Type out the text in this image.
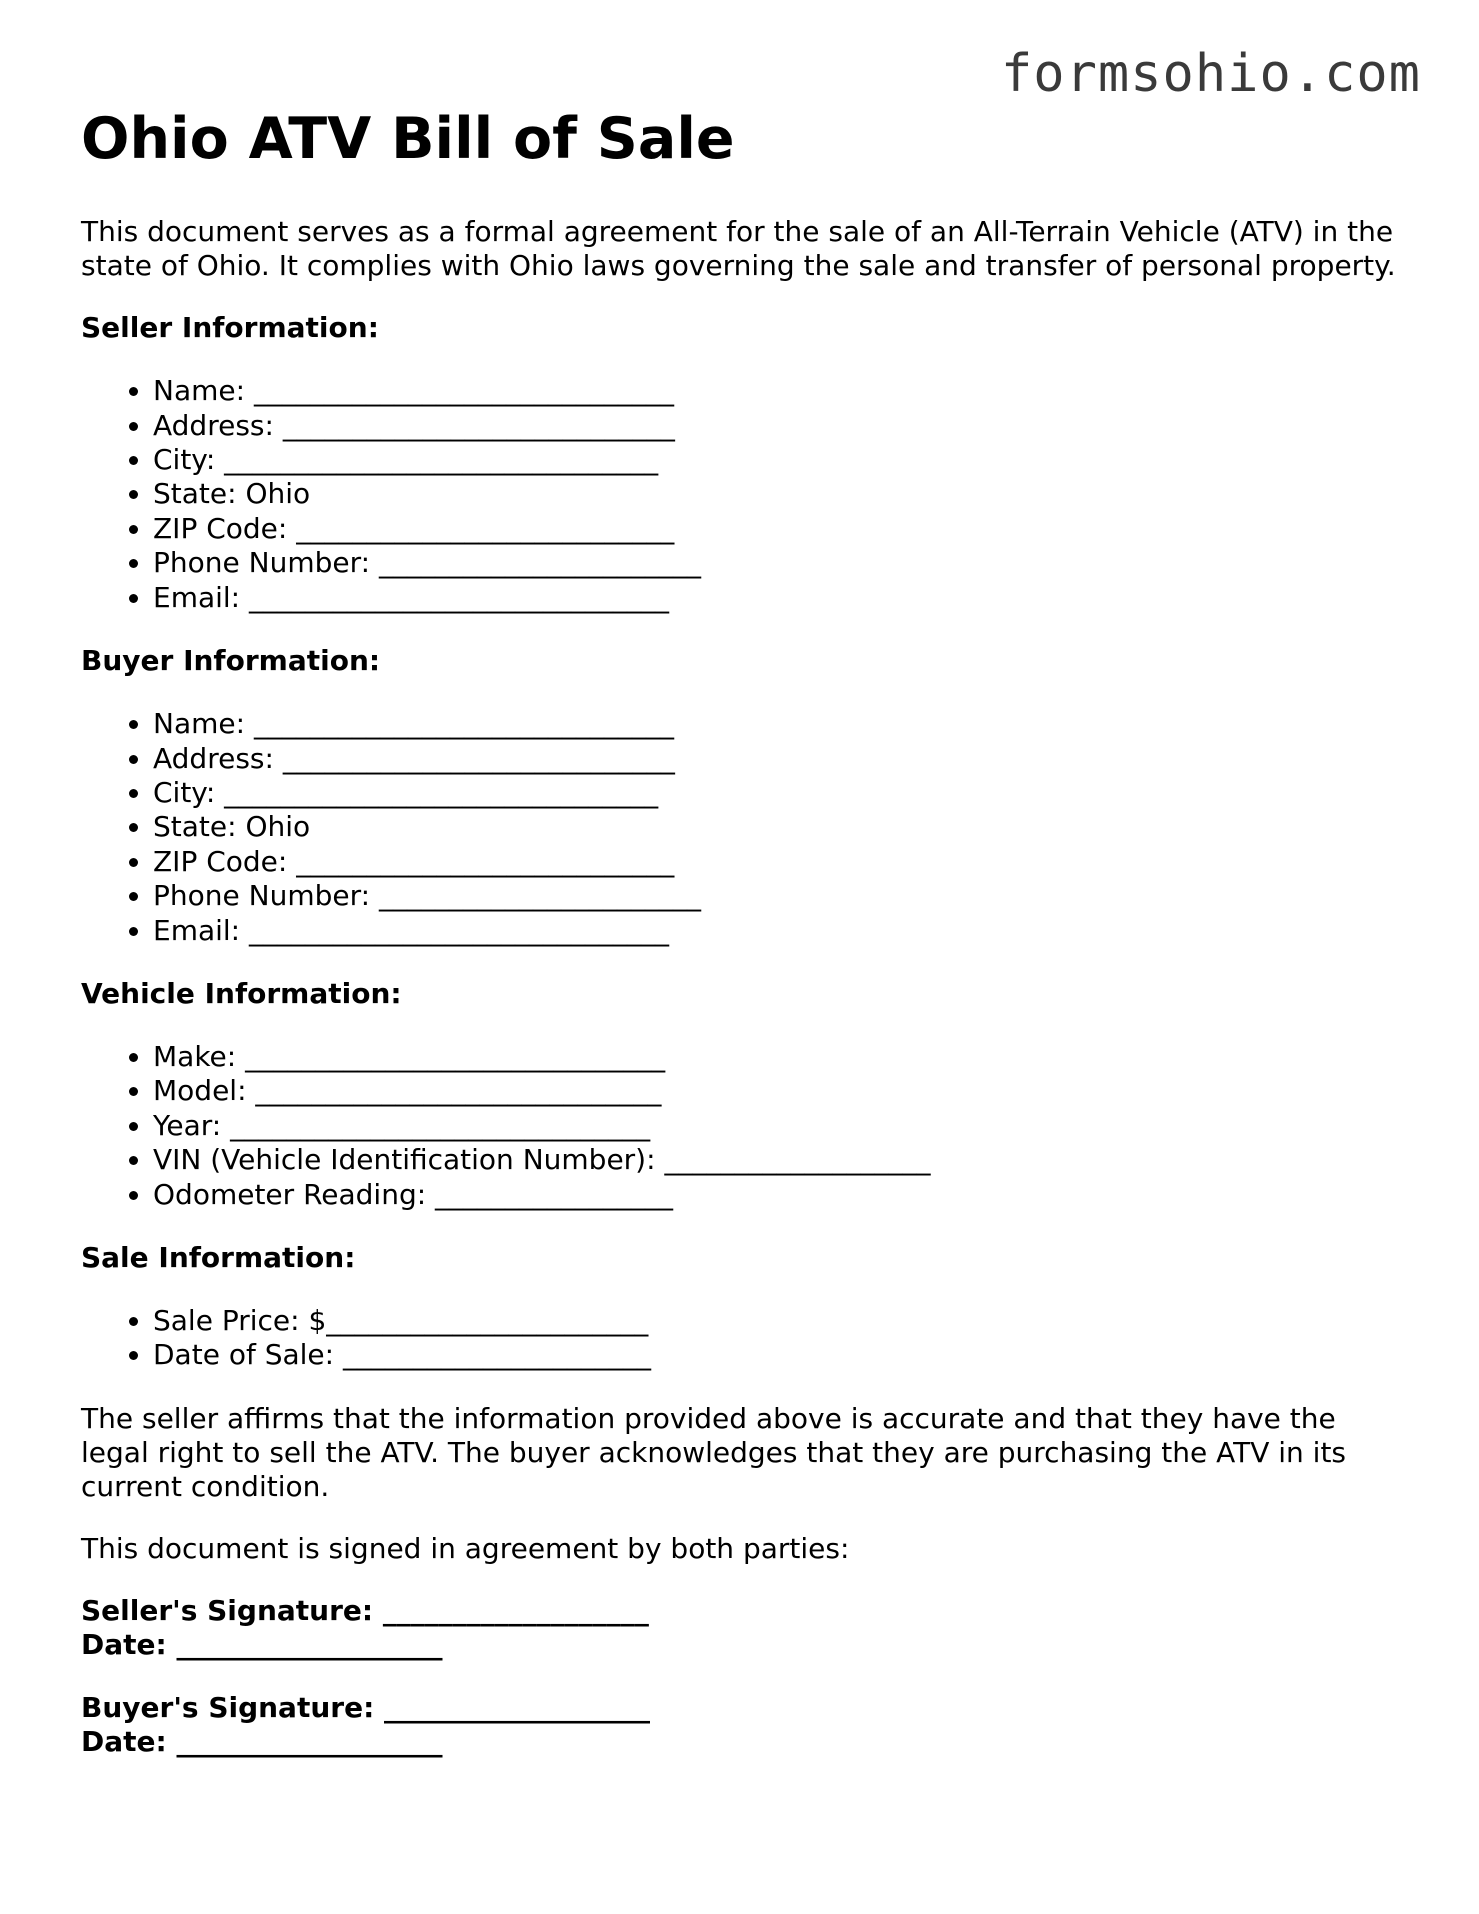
formsohio.com
Ohio ATV Bill of Sale

This document serves as a formal agreement for the sale of an All-Terrain Vehicle (ATV) in the state of Ohio. It complies with Ohio laws governing the sale and transfer of personal property.

Seller Information:
• Name: ______________________________
• Address: ____________________________
• City: _______________________________
• State: Ohio
• ZIP Code: ___________________________
• Phone Number: _______________________
• Email: ______________________________
Buyer Information:
• Name: ______________________________
• Address: ____________________________
• City: _______________________________
• State: Ohio
• ZIP Code: ___________________________
• Phone Number: _______________________
• Email: ______________________________
Vehicle Information:
• Make: ______________________________
• Model: _____________________________
• Year: ______________________________
• VIN (Vehicle Identification Number): ___________________
• Odometer Reading: _________________
Sale Information:
• Sale Price: $_______________________
• Date of Sale: ______________________

The seller affirms that the information provided above is accurate and that they have the legal right to sell the ATV. The buyer acknowledges that they are purchasing the ATV in its current condition.

This document is signed in agreement by both parties:

Seller's Signature: ___________________
Date: ___________________
Buyer's Signature: ___________________
Date: ___________________
